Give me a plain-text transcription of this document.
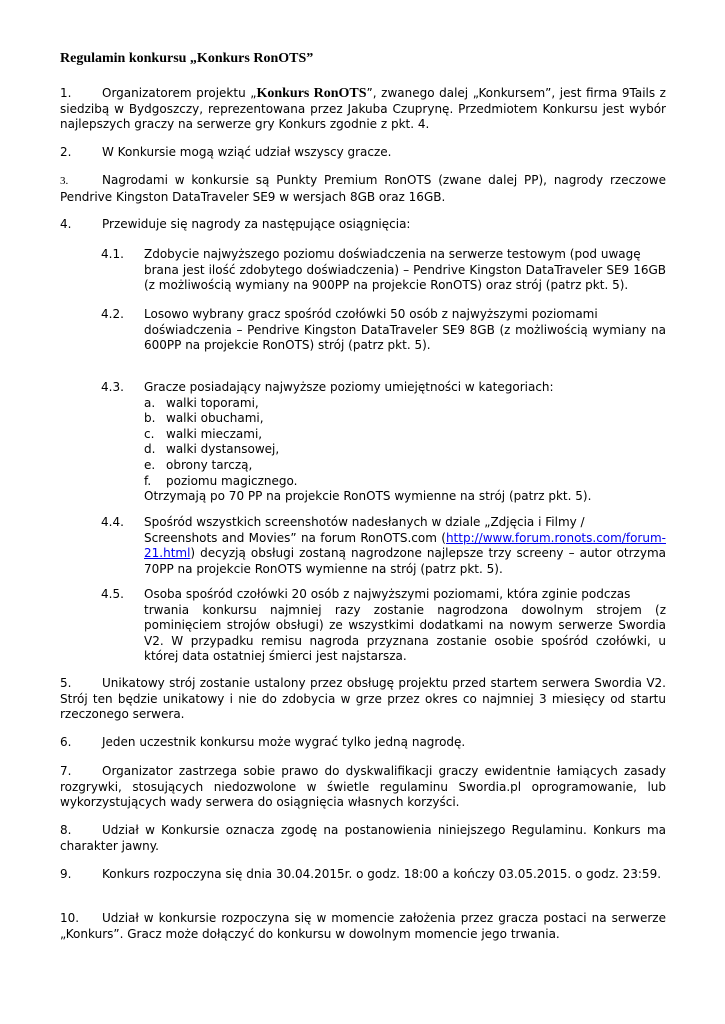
Regulamin konkursu „Konkurs RonOTS”

1.	Organizatorem projektu „Konkurs RonOTS”, zwanego dalej „Konkursem”, jest firma 9Tails z siedzibą w Bydgoszczy, reprezentowana przez Jakuba Czuprynę. Przedmiotem Konkursu jest wybór najlepszych graczy na serwerze gry Konkurs zgodnie z pkt. 4.

2.	W Konkursie mogą wziąć udział wszyscy gracze.

3.	Nagrodami w konkursie są Punkty Premium RonOTS (zwane dalej PP), nagrody rzeczowe Pendrive Kingston DataTraveler SE9 w wersjach 8GB oraz 16GB.

4.	Przewiduje się nagrody za następujące osiągnięcia:

4.1. Zdobycie najwyższego poziomu doświadczenia na serwerze testowym (pod uwagę
brana jest ilość zdobytego doświadczenia) – Pendrive Kingston DataTraveler SE9 16GB (z możliwością wymiany na 900PP na projekcie RonOTS) oraz strój (patrz pkt. 5).
4.2. Losowo wybrany gracz spośród czołówki 50 osób z najwyższymi poziomami
doświadczenia – Pendrive Kingston DataTraveler SE9 8GB (z możliwością wymiany na 600PP na projekcie RonOTS) strój (patrz pkt. 5).
4.3. Gracze posiadający najwyższe poziomy umiejętności w kategoriach:
a. walki toporami,
b. walki obuchami,
c. walki mieczami,
d. walki dystansowej,
e. obrony tarczą,
f. poziomu magicznego.
Otrzymają po 70 PP na projekcie RonOTS wymienne na strój (patrz pkt. 5).
4.4. Spośród wszystkich screenshotów nadesłanych w dziale „Zdjęcia i Filmy /
Screenshots and Movies” na forum RonOTS.com (http://www.forum.ronots.com/forum-21.html) decyzją obsługi zostaną nagrodzone najlepsze trzy screeny – autor otrzyma 70PP na projekcie RonOTS wymienne na strój (patrz pkt. 5).
4.5. Osoba spośród czołówki 20 osób z najwyższymi poziomami, która zginie podczas
trwania konkursu najmniej razy zostanie nagrodzona dowolnym strojem (z pominięciem strojów obsługi) ze wszystkimi dodatkami na nowym serwerze Swordia V2. W przypadku remisu nagroda przyznana zostanie osobie spośród czołówki, u której data ostatniej śmierci jest najstarsza.

5.	Unikatowy strój zostanie ustalony przez obsługę projektu przed startem serwera Swordia V2. Strój ten będzie unikatowy i nie do zdobycia w grze przez okres co najmniej 3 miesięcy od startu rzeczonego serwera.

6.	Jeden uczestnik konkursu może wygrać tylko jedną nagrodę.

7.	Organizator zastrzega sobie prawo do dyskwalifikacji graczy ewidentnie łamiących zasady rozgrywki, stosujących niedozwolone w świetle regulaminu Swordia.pl oprogramowanie, lub wykorzystujących wady serwera do osiągnięcia własnych korzyści.

8.	Udział w Konkursie oznacza zgodę na postanowienia niniejszego Regulaminu. Konkurs ma charakter jawny.

9.	Konkurs rozpoczyna się dnia 30.04.2015r. o godz. 18:00 a kończy 03.05.2015. o godz. 23:59.

10. Udział w konkursie rozpoczyna się w momencie założenia przez gracza postaci na serwerze „Konkurs”. Gracz może dołączyć do konkursu w dowolnym momencie jego trwania.
